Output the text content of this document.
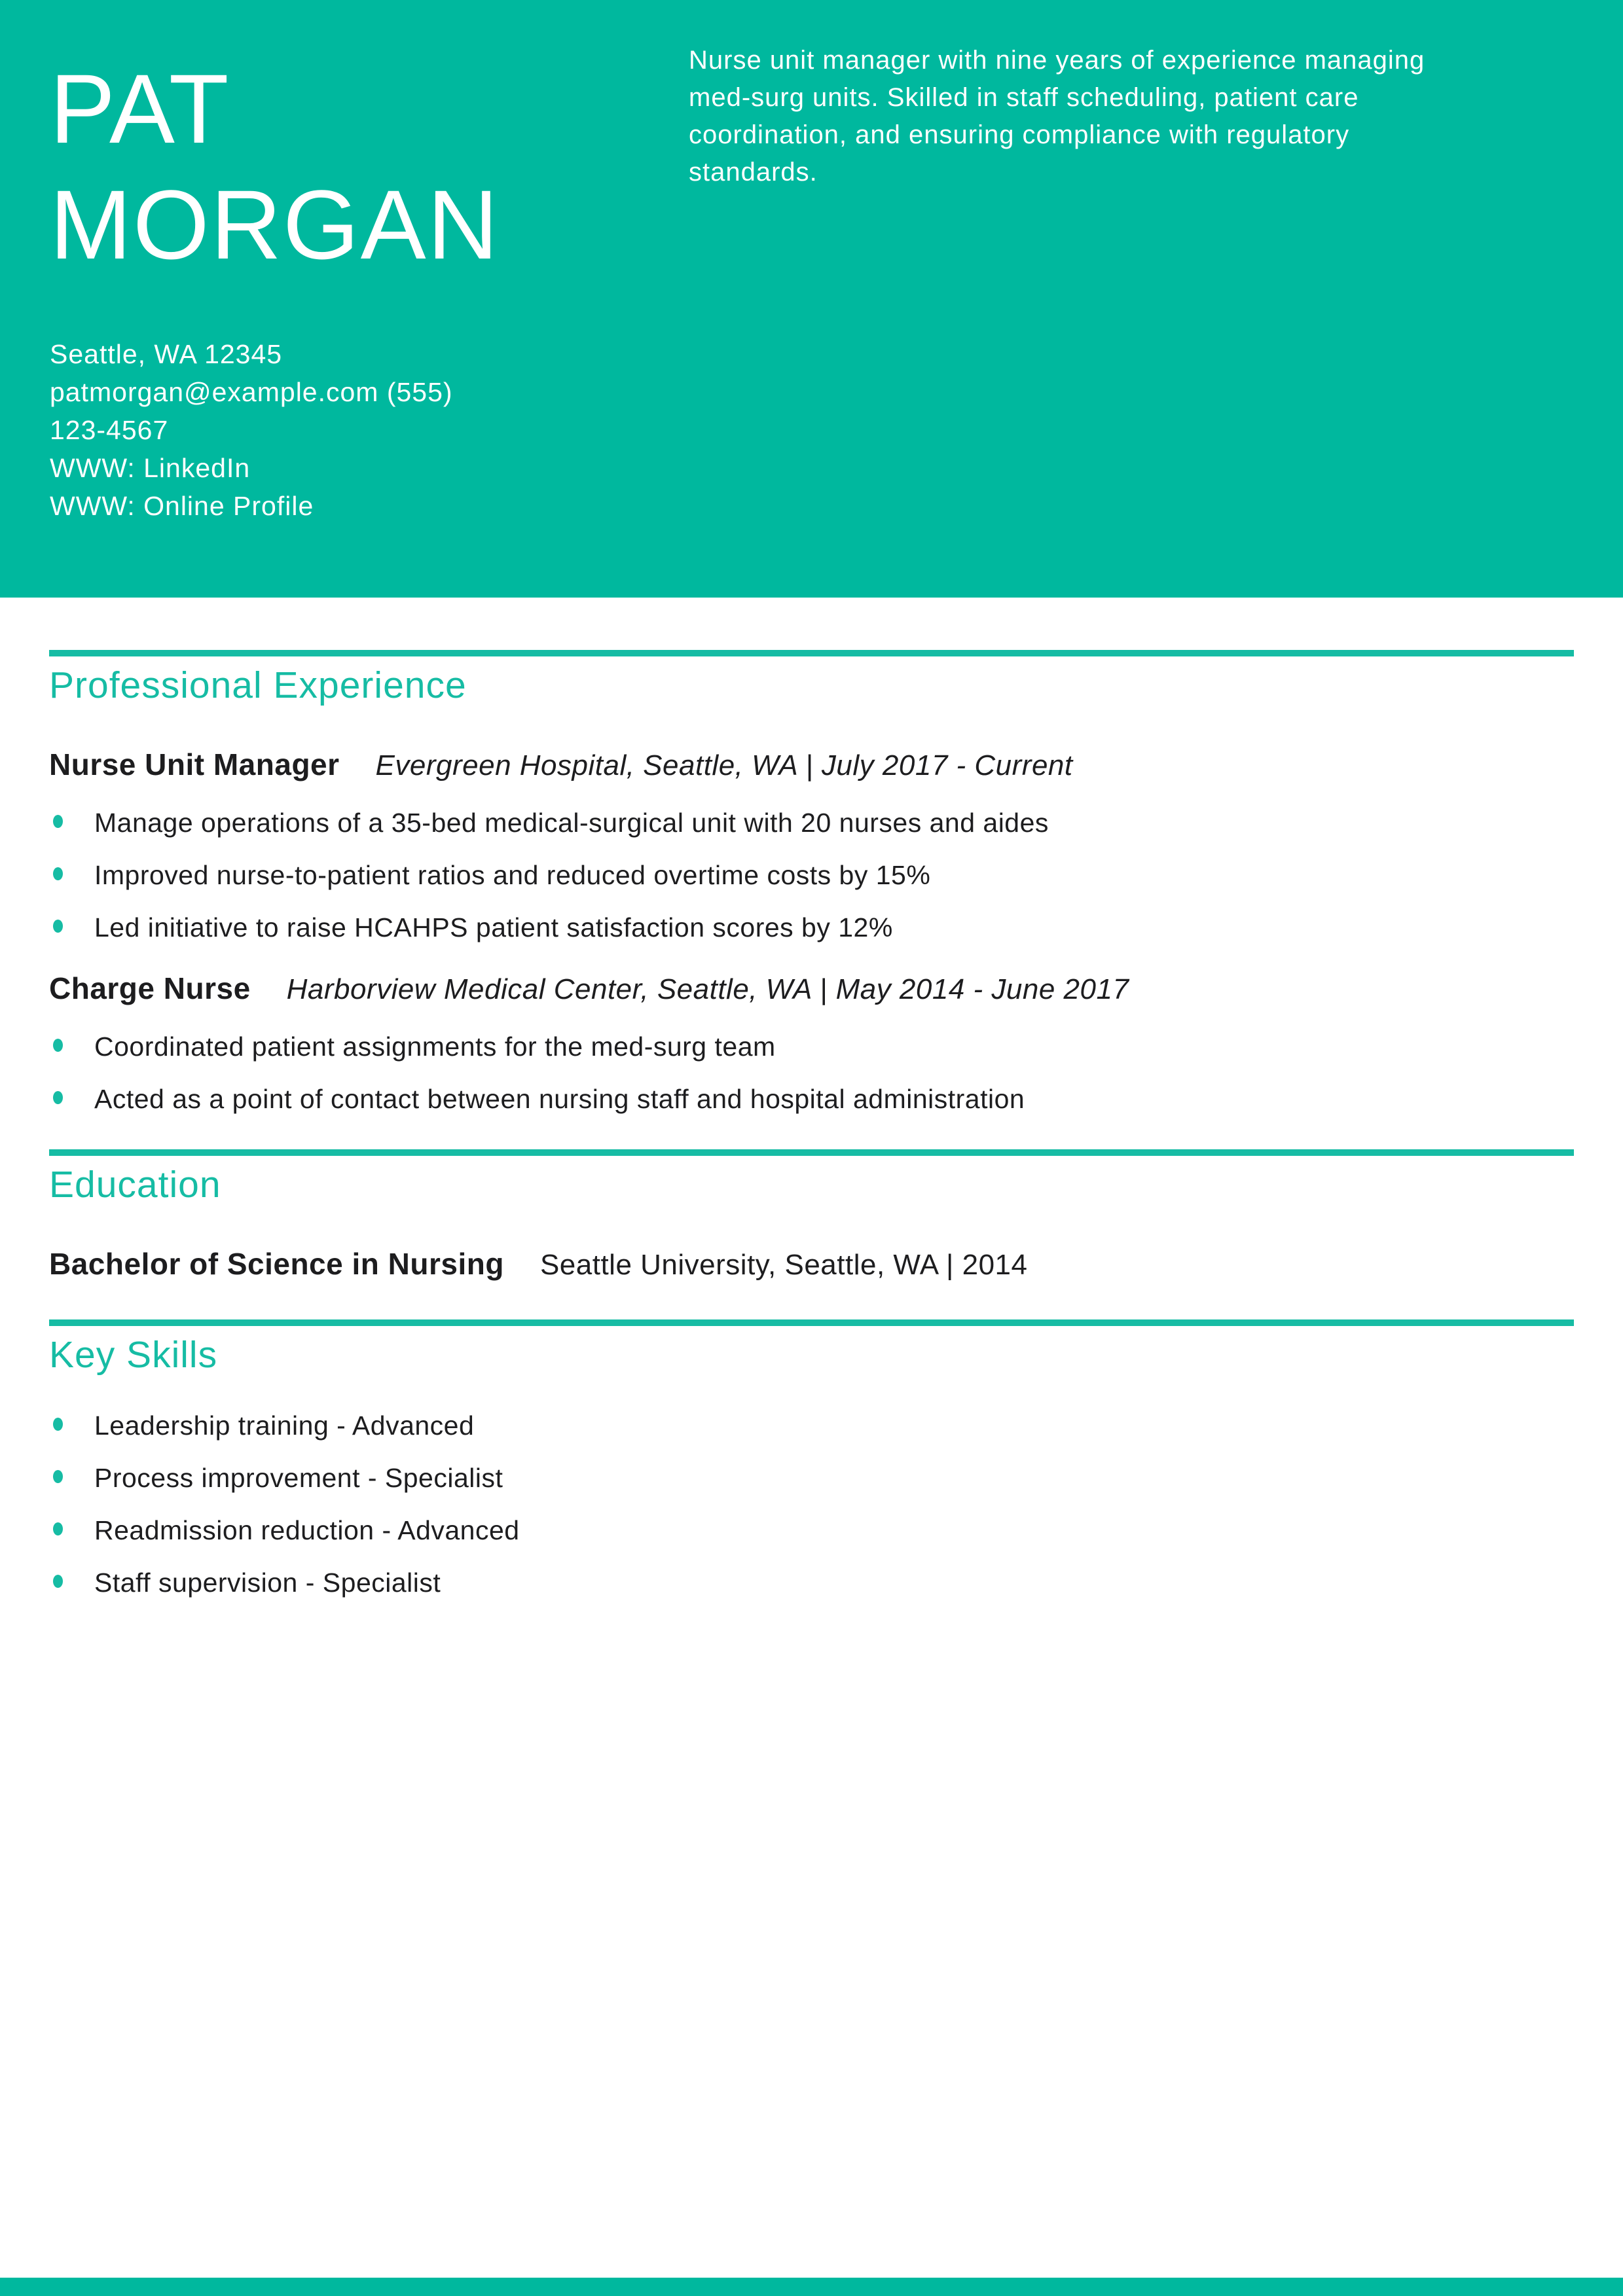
PAT MORGAN
Nurse unit manager with nine years of experience managing med-surg units. Skilled in staff scheduling, patient care coordination, and ensuring compliance with regulatory standards.
Seattle, WA 12345
patmorgan@example.com (555)
123-4567
WWW: LinkedIn
WWW: Online Profile
Professional Experience
Nurse Unit Manager Evergreen Hospital, Seattle, WA | July 2017 - Current
Manage operations of a 35-bed medical-surgical unit with 20 nurses and aides
Improved nurse-to-patient ratios and reduced overtime costs by 15%
Led initiative to raise HCAHPS patient satisfaction scores by 12%
Charge Nurse Harborview Medical Center, Seattle, WA | May 2014 - June 2017
Coordinated patient assignments for the med-surg team
Acted as a point of contact between nursing staff and hospital administration
Education
Bachelor of Science in Nursing Seattle University, Seattle, WA | 2014
Key Skills
Leadership training - Advanced
Process improvement - Specialist
Readmission reduction - Advanced
Staff supervision - Specialist
